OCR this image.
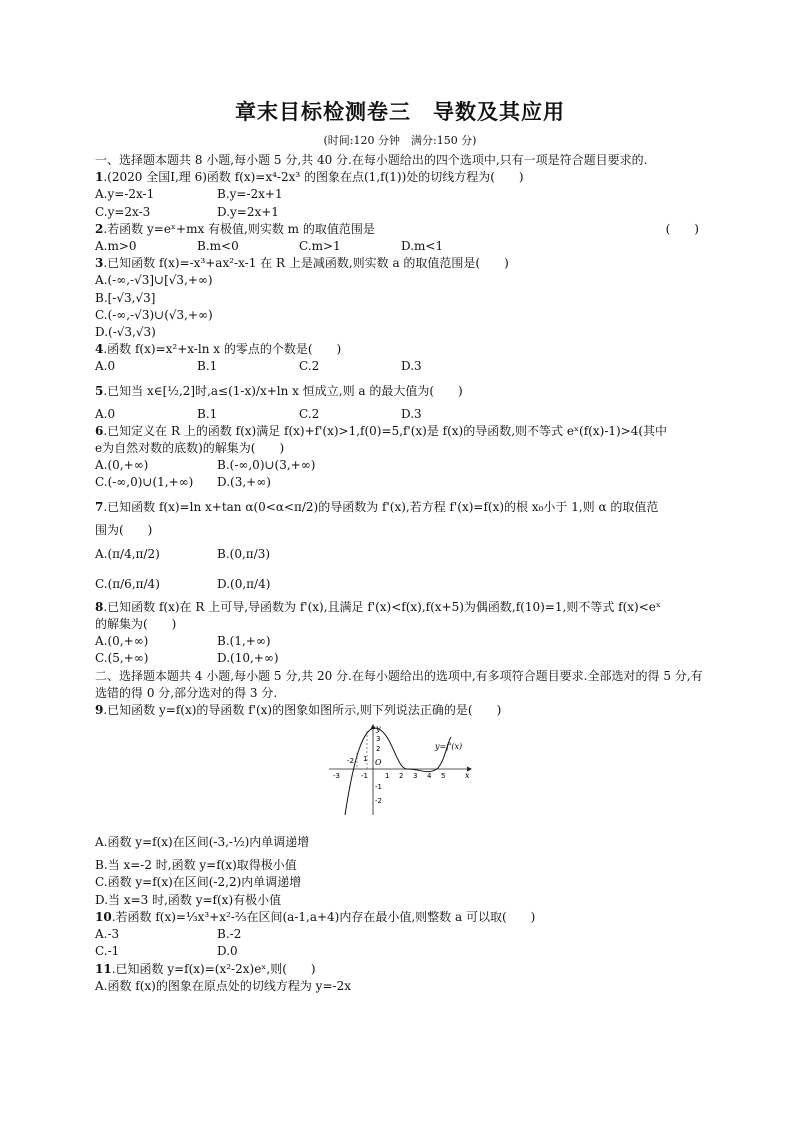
章末目标检测卷三　导数及其应用
(时间:120 分钟　满分:150 分)
一、选择题本题共 8 小题,每小题 5 分,共 40 分.在每小题给出的四个选项中,只有一项是符合题目要求的.
1.(2020 全国Ⅰ,理 6)函数 f(x)=x⁴-2x³ 的图象在点(1,f(1))处的切线方程为(　　)
A.y=-2x-1	B.y=-2x+1
C.y=2x-3	D.y=2x+1
2.若函数 y=eˣ+mx 有极值,则实数 m 的取值范围是	(　　)
A.m>0	B.m<0	C.m>1	D.m<1
3.已知函数 f(x)=-x³+ax²-x-1 在 R 上是减函数,则实数 a 的取值范围是(　　)
A.(-∞,-√3]∪[√3,+∞)
B.[-√3,√3]
C.(-∞,-√3)∪(√3,+∞)
D.(-√3,√3)
4.函数 f(x)=x²+x-ln x 的零点的个数是(　　)
A.0	B.1	C.2	D.3
5.已知当 x∈[½,2]时,a≤(1-x)/x+ln x 恒成立,则 a 的最大值为(　　)
A.0	B.1	C.2	D.3
6.已知定义在 R 上的函数 f(x)满足 f(x)+f'(x)>1,f(0)=5,f'(x)是 f(x)的导函数,则不等式 eˣ(f(x)-1)>4(其中
e为自然对数的底数)的解集为(　　)
A.(0,+∞)	B.(-∞,0)∪(3,+∞)
C.(-∞,0)∪(1,+∞)	D.(3,+∞)
7.已知函数 f(x)=ln x+tan α(0<α<π/2)的导函数为 f'(x),若方程 f'(x)=f(x)的根 x₀小于 1,则 α 的取值范
围为(　　)
A.(π/4,π/2)	B.(0,π/3)
C.(π/6,π/4)	D.(0,π/4)
8.已知函数 f(x)在 R 上可导,导函数为 f'(x),且满足 f'(x)<f(x),f(x+5)为偶函数,f(10)=1,则不等式 f(x)<eˣ
的解集为(　　)
A.(0,+∞)	B.(1,+∞)
C.(5,+∞)	D.(10,+∞)
二、选择题本题共 4 小题,每小题 5 分,共 20 分.在每小题给出的选项中,有多项符合题目要求.全部选对的得 5 分,有选错的得 0 分,部分选对的得 3 分.
9.已知函数 y=f(x)的导函数 f'(x)的图象如图所示,则下列说法正确的是(　　)
y=f'(x)
O
x
y
-3
-2
-1 1 2 3 4 5
3
2
1
-1
-2
A.函数 y=f(x)在区间(-3,-½)内单调递增
B.当 x=-2 时,函数 y=f(x)取得极小值
C.函数 y=f(x)在区间(-2,2)内单调递增
D.当 x=3 时,函数 y=f(x)有极小值
10.若函数 f(x)=⅓x³+x²-⅔在区间(a-1,a+4)内存在最小值,则整数 a 可以取(　　)
A.-3	B.-2
C.-1	D.0
11.已知函数 y=f(x)=(x²-2x)eˣ,则(　　)
A.函数 f(x)的图象在原点处的切线方程为 y=-2x
